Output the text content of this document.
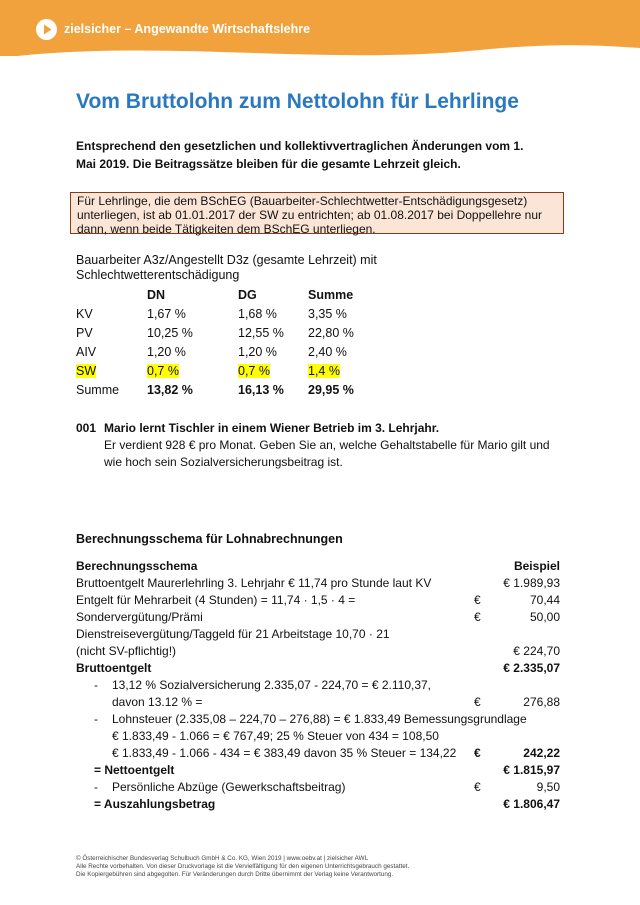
zielsicher – Angewandte Wirtschaftslehre
Vom Bruttolohn zum Nettolohn für Lehrlinge
Entsprechend den gesetzlichen und kollektivvertraglichen Änderungen vom 1. Mai 2019. Die Beitragssätze bleiben für die gesamte Lehrzeit gleich.
Für Lehrlinge, die dem BSchEG (Bauarbeiter-Schlechtwetter-Entschädigungsgesetz)
unterliegen, ist ab 01.01.2017 der SW zu entrichten; ab 01.08.2017 bei Doppellehre nur
dann, wenn beide Tätigkeiten dem BSchEG unterliegen.
Bauarbeiter A3z/Angestellt D3z (gesamte Lehrzeit) mit
Schlechtwetterentschädigung
	DN	DG	Summe
KV	1,67 %	1,68 %	3,35 %
PV	10,25 %	12,55 %	22,80 %
AIV	1,20 %	1,20 %	2,40 %
SW	0,7 %	0,7 %	1,4 %
Summe	13,82 %	16,13 %	29,95 %
001 Mario lernt Tischler in einem Wiener Betrieb im 3. Lehrjahr.
Er verdient 928 € pro Monat. Geben Sie an, welche Gehaltstabelle für Mario gilt und wie hoch sein Sozialversicherungsbeitrag ist.
Berechnungsschema für Lohnabrechnungen
Berechnungsschema	Beispiel
Bruttoentgelt Maurerlehrling 3. Lehrjahr € 11,74 pro Stunde laut KV	€ 1.989,93
Entgelt für Mehrarbeit (4 Stunden) = 11,74 · 1,5 · 4 =	€	70,44
Sondervergütung/Prämi	€	50,00
Dienstreisevergütung/Taggeld für 21 Arbeitstage 10,70 · 21
(nicht SV-pflichtig!)	€ 224,70
Bruttoentgelt	€ 2.335,07
- 13,12 % Sozialversicherung 2.335,07 - 224,70 = € 2.110,37,
davon 13.12 % =	€	276,88
- Lohnsteuer (2.335,08 – 224,70 – 276,88) = € 1.833,49 Bemessungsgrundlage
€ 1.833,49 - 1.066 = € 767,49; 25 % Steuer von 434 = 108,50
€ 1.833,49 - 1.066 - 434 = € 383,49 davon 35 % Steuer = 134,22 €	242,22
= Nettoentgelt	€ 1.815,97
- Persönliche Abzüge (Gewerkschaftsbeitrag)	€	9,50
= Auszahlungsbetrag	€ 1.806,47
© Österreichischer Bundesverlag Schulbuch GmbH & Co. KG, Wien 2019 | www.oebv.at | zielsicher AWL
Alle Rechte vorbehalten. Von dieser Druckvorlage ist die Vervielfältigung für den eigenen Unterrichtsgebrauch gestattet.
Die Kopiergebühren sind abgegolten. Für Veränderungen durch Dritte übernimmt der Verlag keine Verantwortung.
